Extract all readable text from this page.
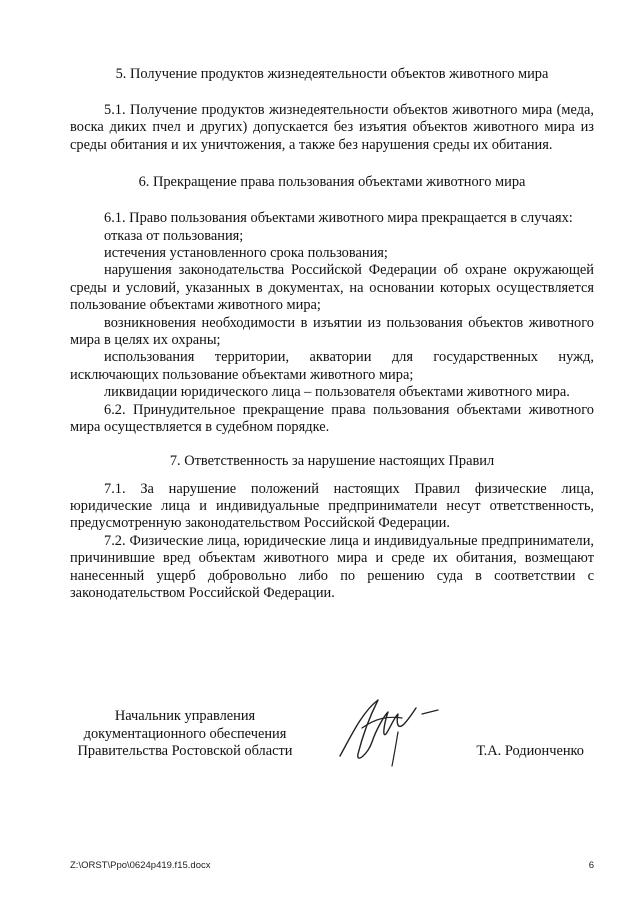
5. Получение продуктов жизнедеятельности объектов животного мира

5.1. Получение продуктов жизнедеятельности объектов животного мира (меда, воска диких пчел и других) допускается без изъятия объектов животного мира из среды обитания и их уничтожения, а также без нарушения среды их обитания.

6. Прекращение права пользования объектами животного мира

6.1. Право пользования объектами животного мира прекращается в случаях:

отказа от пользования;

истечения установленного срока пользования;

нарушения законодательства Российской Федерации об охране окружающей среды и условий, указанных в документах, на основании которых осуществляется пользование объектами животного мира;

возникновения необходимости в изъятии из пользования объектов животного мира в целях их охраны;

использования территории, акватории для государственных нужд, исключающих пользование объектами животного мира;

ликвидации юридического лица – пользователя объектами животного мира.

6.2. Принудительное прекращение права пользования объектами животного мира осуществляется в судебном порядке.

7. Ответственность за нарушение настоящих Правил

7.1. За нарушение положений настоящих Правил физические лица, юридические лица и индивидуальные предприниматели несут ответственность, предусмотренную законодательством Российской Федерации.

7.2. Физические лица, юридические лица и индивидуальные предприниматели, причинившие вред объектам животного мира и среде их обитания, возмещают нанесенный ущерб добровольно либо по решению суда в соответствии с законодательством Российской Федерации.

Начальник управления
документационного обеспечения
Правительства Ростовской области	Т.А. Родионченко
Z:\ORST\Ppo\0624p419.f15.docx	6
